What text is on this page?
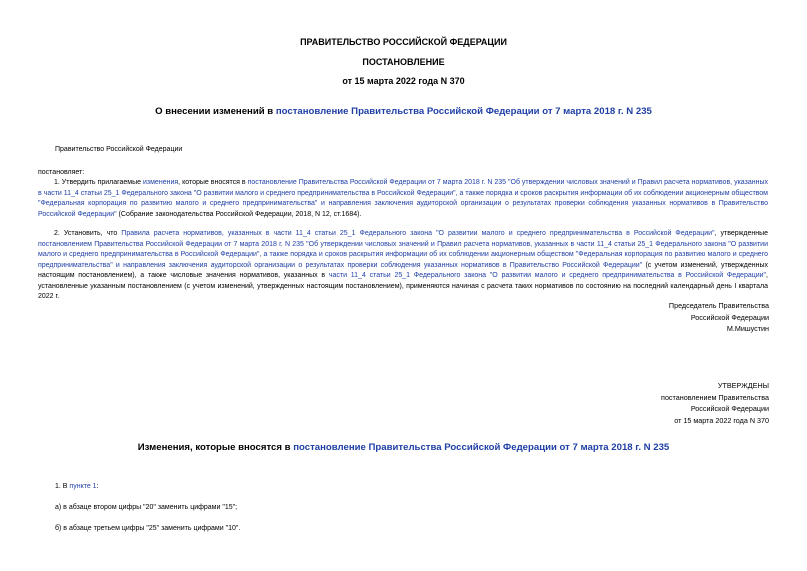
ПРАВИТЕЛЬСТВО РОССИЙСКОЙ ФЕДЕРАЦИИ
ПОСТАНОВЛЕНИЕ
от 15 марта 2022 года N 370
О внесении изменений в постановление Правительства Российской Федерации от 7 марта 2018 г. N 235
Правительство Российской Федерации
постановляет:
1. Утвердить прилагаемые изменения, которые вносятся в постановление Правительства Российской Федерации от 7 марта 2018 г. N 235 "Об утверждении числовых значений и Правил расчета нормативов, указанных в части 11_4 статьи 25_1 Федерального закона "О развитии малого и среднего предпринимательства в Российской Федерации", а также порядка и сроков раскрытия информации об их соблюдении акционерным обществом "Федеральная корпорация по развитию малого и среднего предпринимательства" и направления заключения аудиторской организации о результатах проверки соблюдения указанных нормативов в Правительство Российской Федерации" (Собрание законодательства Российской Федерации, 2018, N 12, ст.1684).
2. Установить, что Правила расчета нормативов, указанных в части 11_4 статьи 25_1 Федерального закона "О развитии малого и среднего предпринимательства в Российской Федерации", утвержденные постановлением Правительства Российской Федерации от 7 марта 2018 г. N 235 "Об утверждении числовых значений и Правил расчета нормативов, указанных в части 11_4 статьи 25_1 Федерального закона "О развитии малого и среднего предпринимательства в Российской Федерации", а также порядка и сроков раскрытия информации об их соблюдении акционерным обществом "Федеральная корпорация по развитию малого и среднего предпринимательства" и направления заключения аудиторской организации о результатах проверки соблюдения указанных нормативов в Правительство Российской Федерации" (с учетом изменений, утвержденных настоящим постановлением), а также числовые значения нормативов, указанных в части 11_4 статьи 25_1 Федерального закона "О развитии малого и среднего предпринимательства в Российской Федерации", установленные указанным постановлением (с учетом изменений, утвержденных настоящим постановлением), применяются начиная с расчета таких нормативов по состоянию на последний календарный день I квартала 2022 г.
Председатель Правительства
Российской Федерации
М.Мишустин
УТВЕРЖДЕНЫ
постановлением Правительства
Российской Федерации
от 15 марта 2022 года N 370
Изменения, которые вносятся в постановление Правительства Российской Федерации от 7 марта 2018 г. N 235
1. В пункте 1:
а) в абзаце втором цифры "20" заменить цифрами "15";
б) в абзаце третьем цифры "25" заменить цифрами "10".
